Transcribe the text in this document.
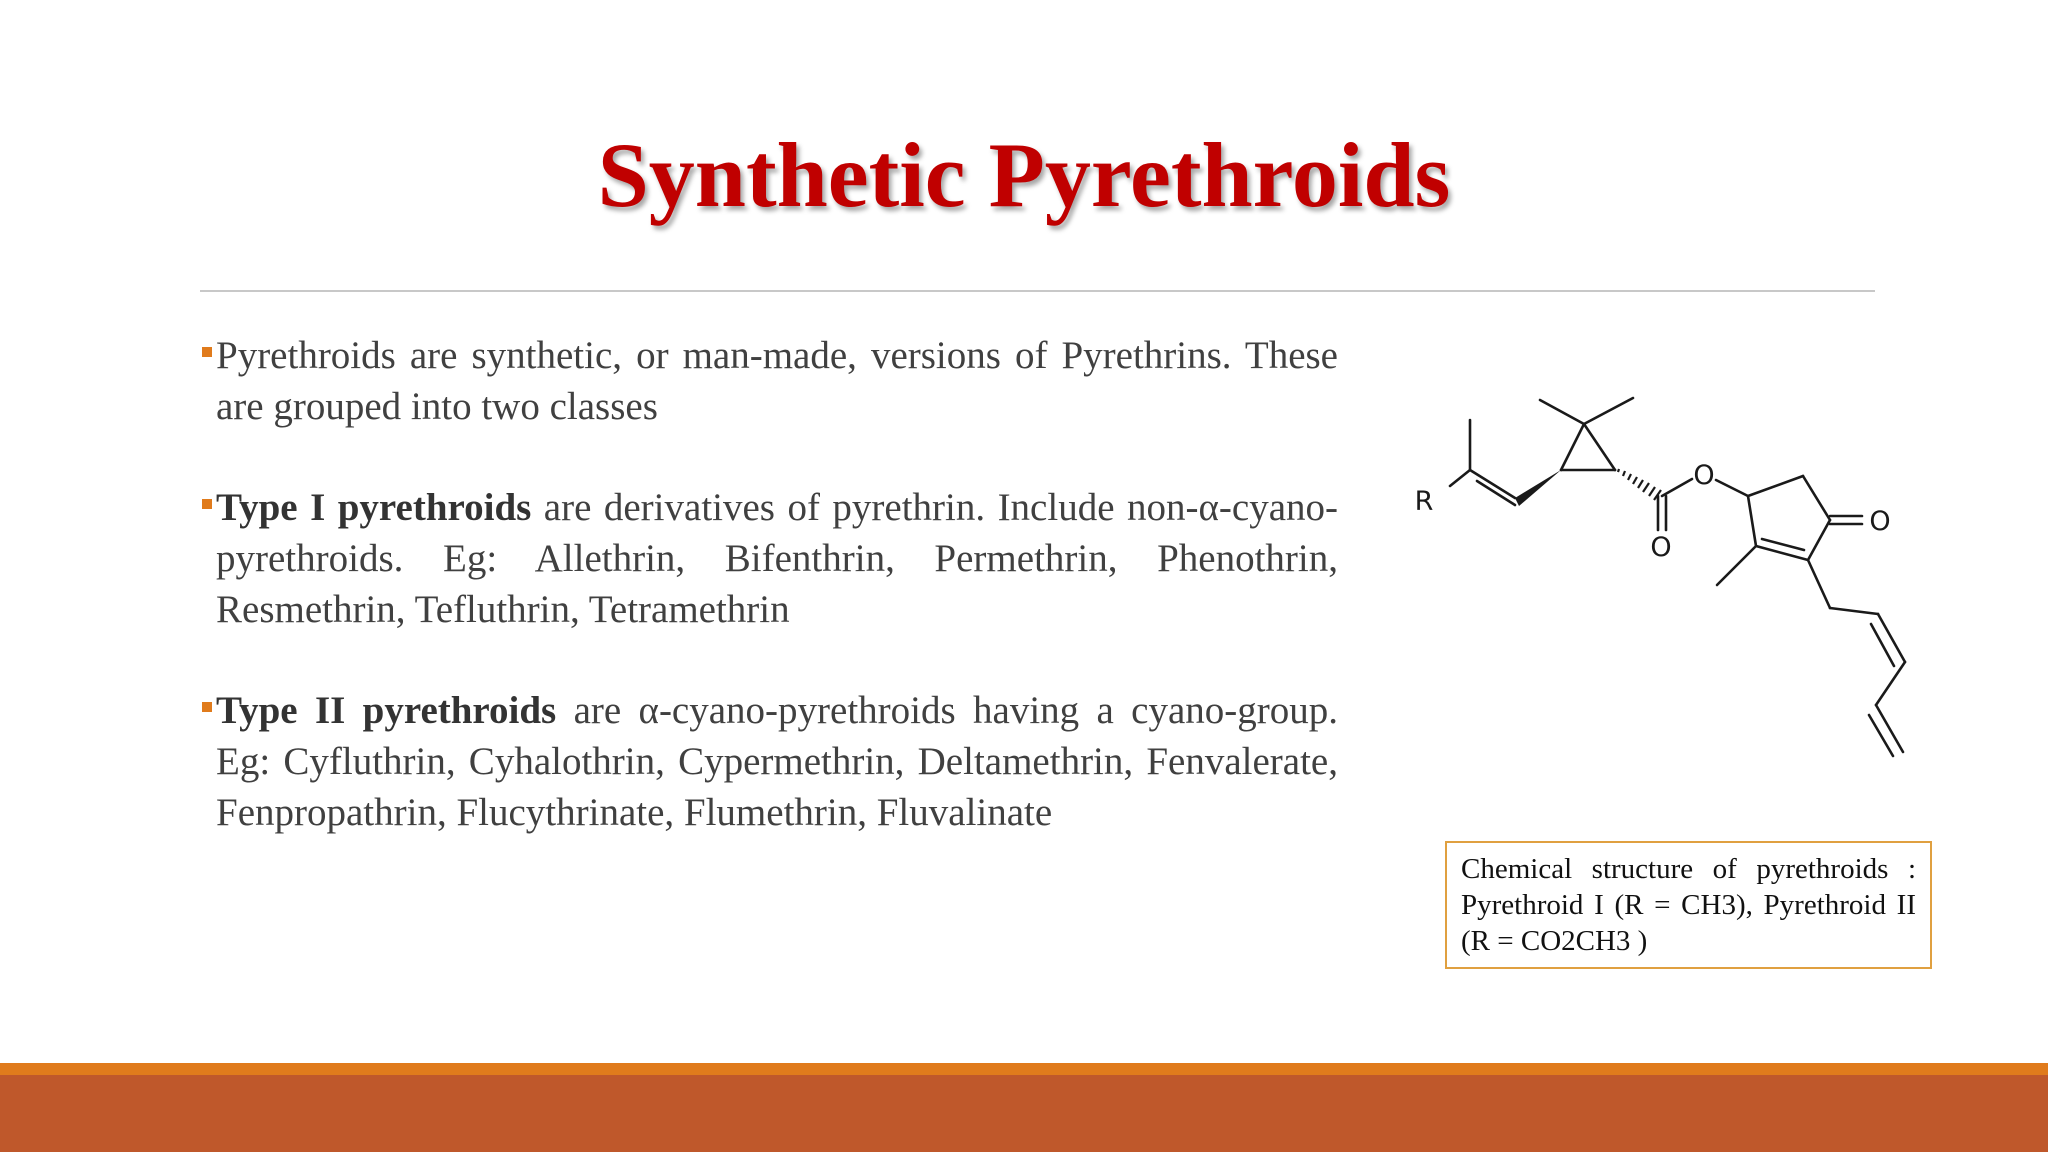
Synthetic Pyrethroids
Pyrethroids are synthetic, or man-made, versions of Pyrethrins. These are grouped into two classes
Type I pyrethroids are derivatives of pyrethrin. Include non-α-cyano-pyrethroids. Eg: Allethrin, Bifenthrin, Permethrin, Phenothrin, Resmethrin, Tefluthrin, Tetramethrin
Type II pyrethroids are α-cyano-pyrethroids having a cyano-group. Eg: Cyfluthrin, Cyhalothrin, Cypermethrin, Deltamethrin, Fenvalerate, Fenpropathrin, Flucythrinate, Flumethrin, Fluvalinate
R
O
O
O
Chemical structure of pyrethroids : Pyrethroid I (R = CH3), Pyrethroid II (R = CO2CH3 )
